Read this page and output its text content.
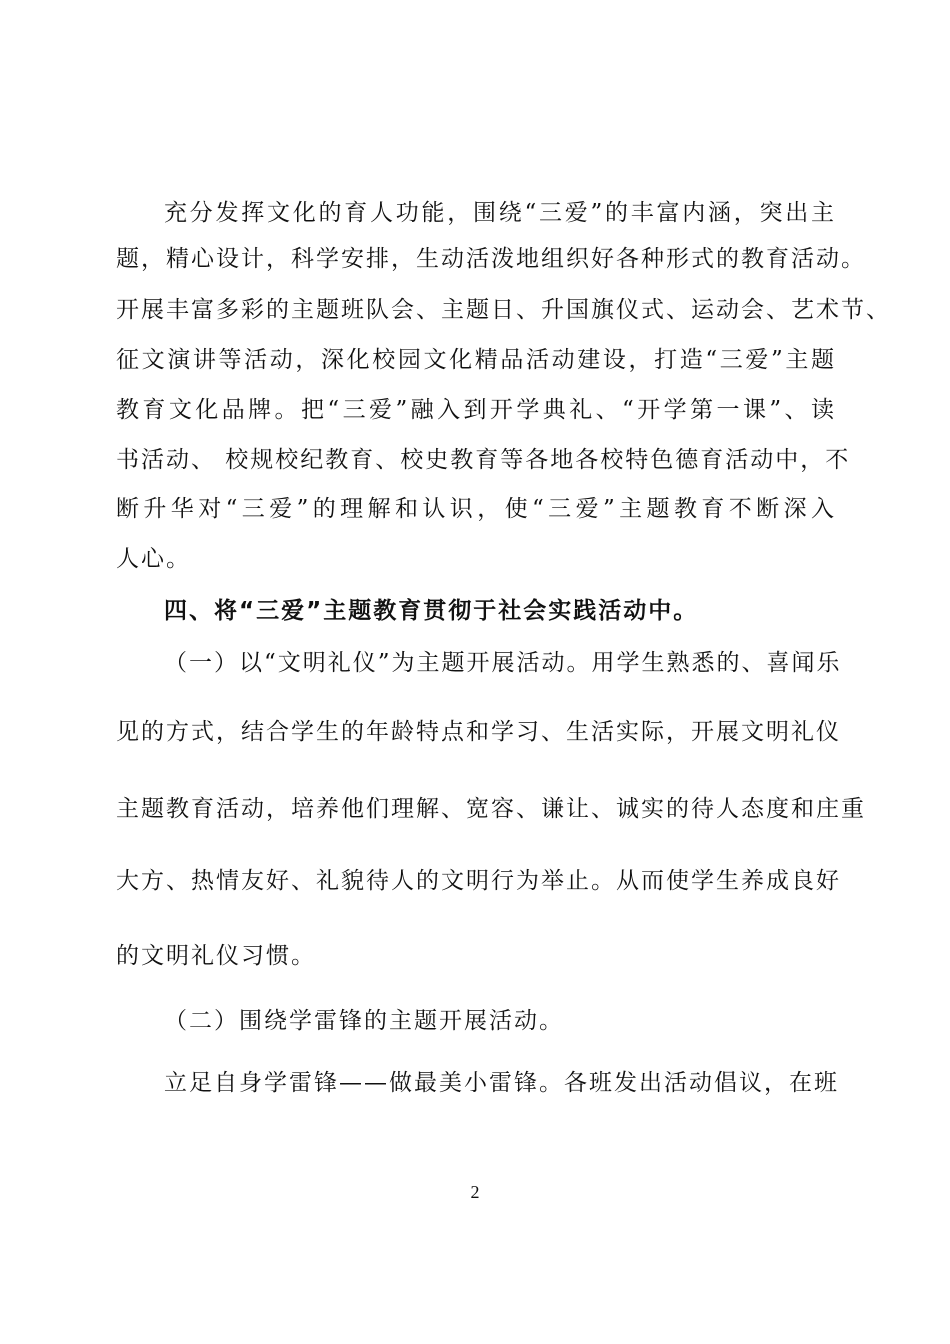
充分发挥文化的育人功能，围绕“三爱”的丰富内涵，突出主
题，精心设计，科学安排，生动活泼地组织好各种形式的教育活动。
开展丰富多彩的主题班队会、主题日、升国旗仪式、运动会、艺术节、
征文演讲等活动，深化校园文化精品活动建设，打造“三爱”主题
教育文化品牌。把“三爱”融入到开学典礼、“开学第一课”、读
书活动、 校规校纪教育、校史教育等各地各校特色德育活动中，不
断升华对“三爱”的理解和认识，使“三爱”主题教育不断深入
人心。
四、将“三爱”主题教育贯彻于社会实践活动中。
（一）以“文明礼仪”为主题开展活动。用学生熟悉的、喜闻乐
见的方式，结合学生的年龄特点和学习、生活实际，开展文明礼仪
主题教育活动，培养他们理解、宽容、谦让、诚实的待人态度和庄重
大方、热情友好、礼貌待人的文明行为举止。从而使学生养成良好
的文明礼仪习惯。
（二）围绕学雷锋的主题开展活动。
立足自身学雷锋——做最美小雷锋。各班发出活动倡议，在班
2
